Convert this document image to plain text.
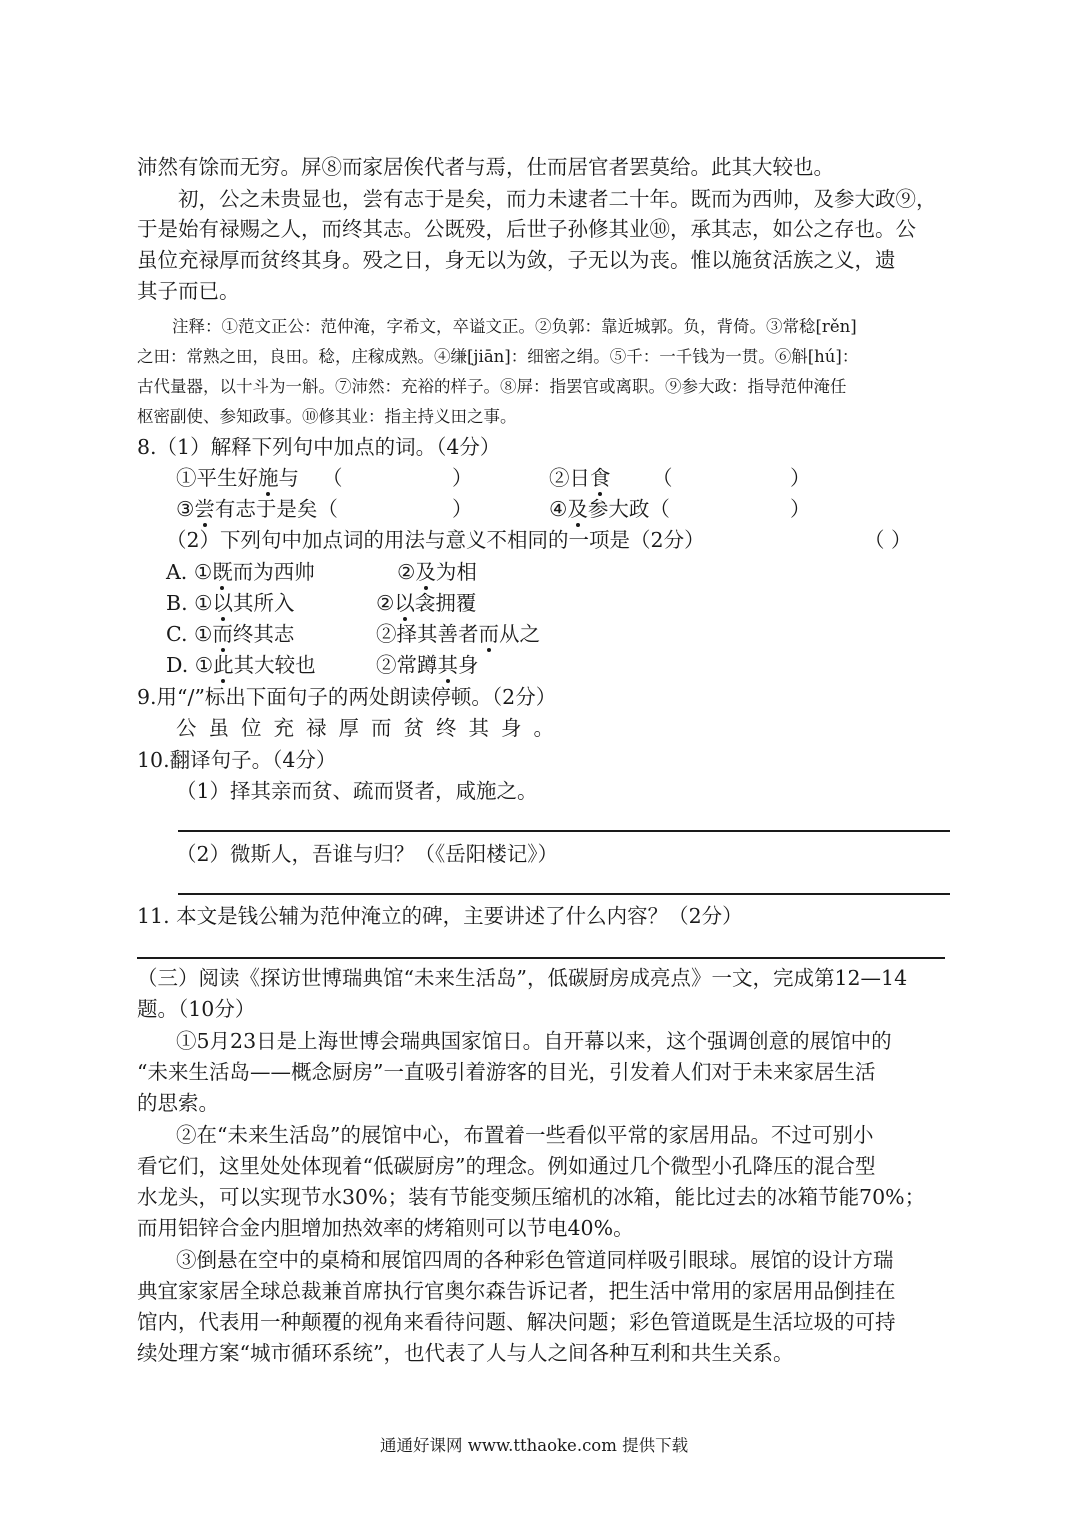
沛然有馀而无穷。屏⑧而家居俟代者与焉，仕而居官者罢莫给。此其大较也。
初，公之未贵显也，尝有志于是矣，而力未逮者二十年。既而为西帅，及参大政⑨，
于是始有禄赐之人，而终其志。公既殁，后世子孙修其业⑩，承其志，如公之存也。公
虽位充禄厚而贫终其身。殁之日，身无以为敛，子无以为丧。惟以施贫活族之义，遗
其子而已。
注释：①范文正公：范仲淹，字希文，卒谥文正。②负郭：靠近城郭。负，背倚。③常稔[rěn]
之田：常熟之田，良田。稔，庄稼成熟。④缣[jiān]：细密之绢。⑤千：一千钱为一贯。⑥斛[hú]：
古代量器，以十斗为一斛。⑦沛然：充裕的样子。⑧屏：指罢官或离职。⑨参大政：指导范仲淹任
枢密副使、参知政事。⑩修其业：指主持义田之事。
8.（1）解释下列句中加点的词。（4分）
①平生好施与 （	）	②日食 （	）
③尝有志于是矣（	）	④及参大政（	）
（2）下列句中加点词的用法与意义不相同的一项是（2分）	（ ）
A. ①既而为西帅	②及为相
B. ①以其所入	②以衾拥覆
C. ①而终其志	②择其善者而从之
D. ①此其大较也	②常蹲其身
9.用“/”标出下面句子的两处朗读停顿。（2分）
公虽位充禄厚而贫终其身。
10.翻译句子。（4分）
（1）择其亲而贫、疏而贤者，咸施之。
（2）微斯人，吾谁与归？（《岳阳楼记》）
11. 本文是钱公辅为范仲淹立的碑，主要讲述了什么内容？（2分）
（三）阅读《探访世博瑞典馆“未来生活岛”，低碳厨房成亮点》一文，完成第12—14
题。（10分）
①5月23日是上海世博会瑞典国家馆日。自开幕以来，这个强调创意的展馆中的
“未来生活岛——概念厨房”一直吸引着游客的目光，引发着人们对于未来家居生活
的思索。
②在“未来生活岛”的展馆中心，布置着一些看似平常的家居用品。不过可别小
看它们，这里处处体现着“低碳厨房”的理念。例如通过几个微型小孔降压的混合型
水龙头，可以实现节水30%；装有节能变频压缩机的冰箱，能比过去的冰箱节能70%；
而用铝锌合金内胆增加热效率的烤箱则可以节电40%。
③倒悬在空中的桌椅和展馆四周的各种彩色管道同样吸引眼球。展馆的设计方瑞
典宜家家居全球总裁兼首席执行官奥尔森告诉记者，把生活中常用的家居用品倒挂在
馆内，代表用一种颠覆的视角来看待问题、解决问题；彩色管道既是生活垃圾的可持
续处理方案“城市循环系统”，也代表了人与人之间各种互利和共生关系。
通通好课网 www.tthaoke.com 提供下载
